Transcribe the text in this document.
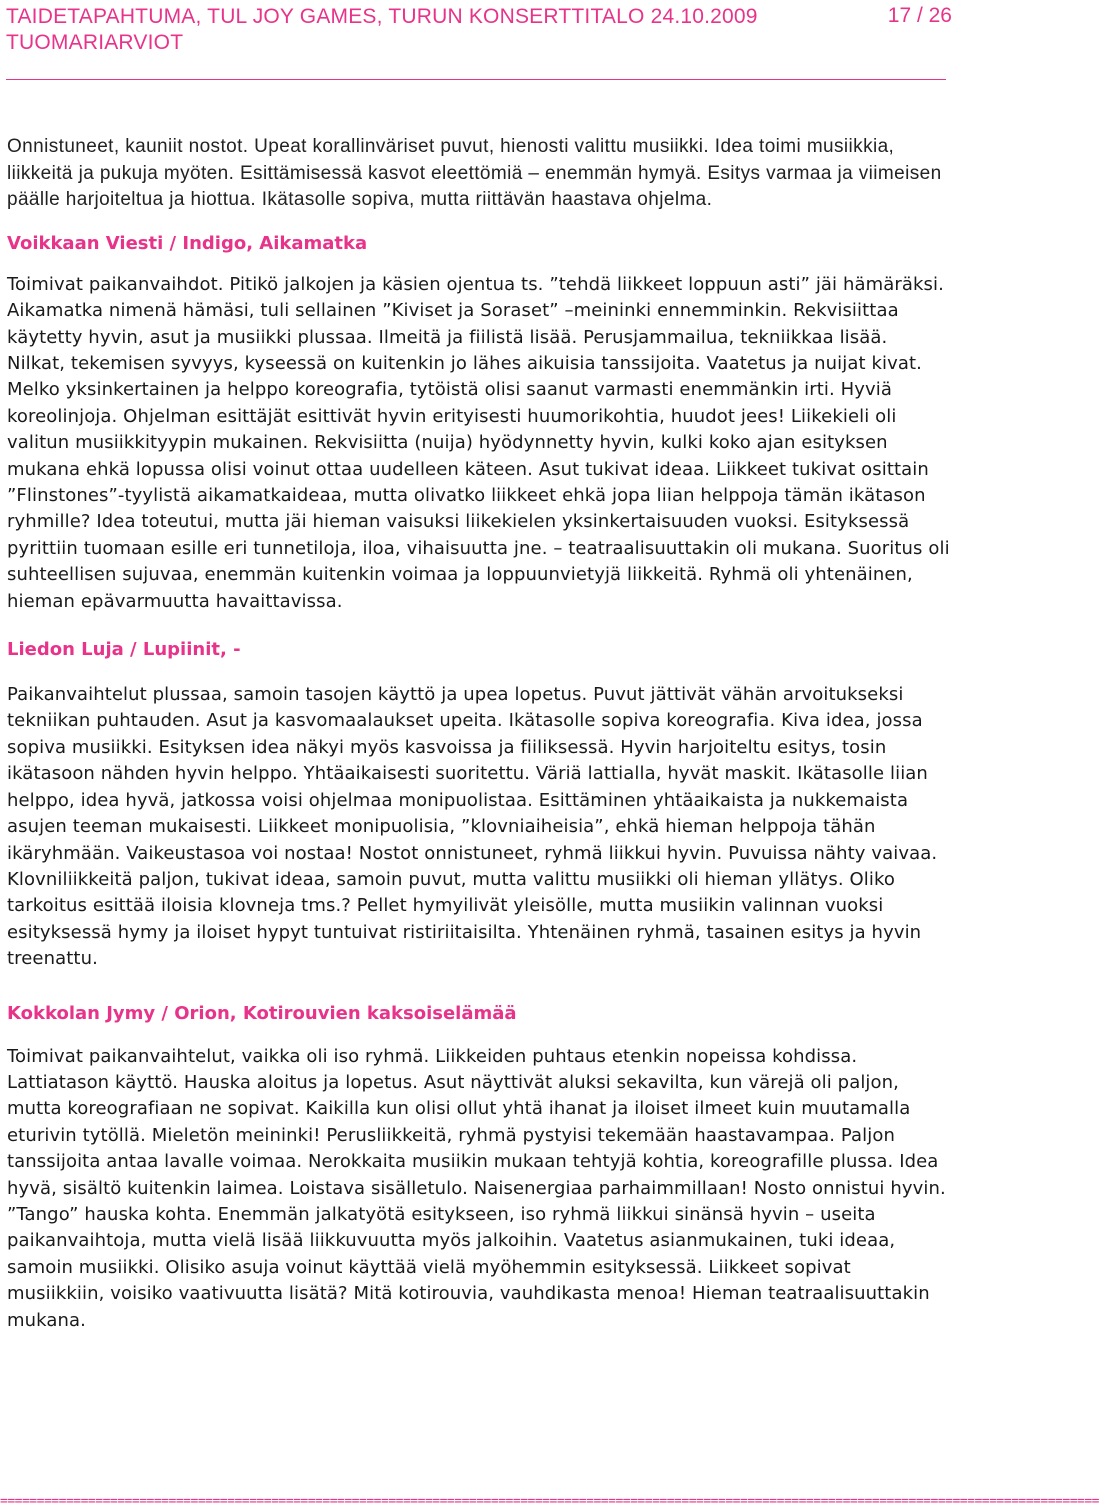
TAIDETAPAHTUMA, TUL JOY GAMES, TURUN KONSERTTITALO 24.10.2009
TUOMARIARVIOT
17 / 26

Onnistuneet, kauniit nostot. Upeat korallinväriset puvut, hienosti valittu musiikki. Idea toimi musiikkia, liikkeitä ja pukuja myöten. Esittämisessä kasvot eleettömiä – enemmän hymyä. Esitys varmaa ja viimeisen päälle harjoiteltua ja hiottua. Ikätasolle sopiva, mutta riittävän haastava ohjelma.

Voikkaan Viesti / Indigo, Aikamatka

Toimivat paikanvaihdot. Pitikö jalkojen ja käsien ojentua ts. ”tehdä liikkeet loppuun asti” jäi hämäräksi. Aikamatka nimenä hämäsi, tuli sellainen ”Kiviset ja Soraset” –meininki ennemminkin. Rekvisiittaa käytetty hyvin, asut ja musiikki plussaa. Ilmeitä ja fiilistä lisää. Perusjammailua, tekniikkaa lisää. Nilkat, tekemisen syvyys, kyseessä on kuitenkin jo lähes aikuisia tanssijoita. Vaatetus ja nuijat kivat. Melko yksinkertainen ja helppo koreografia, tytöistä olisi saanut varmasti enemmänkin irti. Hyviä koreolinjoja. Ohjelman esittäjät esittivät hyvin erityisesti huumorikohtia, huudot jees! Liikekieli oli valitun musiikkityypin mukainen. Rekvisiitta (nuija) hyödynnetty hyvin, kulki koko ajan esityksen mukana ehkä lopussa olisi voinut ottaa uudelleen käteen. Asut tukivat ideaa. Liikkeet tukivat osittain ”Flinstones”-tyylistä aikamatkaideaa, mutta olivatko liikkeet ehkä jopa liian helppoja tämän ikätason ryhmille? Idea toteutui, mutta jäi hieman vaisuksi liikekielen yksinkertaisuuden vuoksi. Esityksessä pyrittiin tuomaan esille eri tunnetiloja, iloa, vihaisuutta jne. – teatraalisuuttakin oli mukana. Suoritus oli suhteellisen sujuvaa, enemmän kuitenkin voimaa ja loppuunvietyjä liikkeitä. Ryhmä oli yhtenäinen, hieman epävarmuutta havaittavissa.

Liedon Luja / Lupiinit, -

Paikanvaihtelut plussaa, samoin tasojen käyttö ja upea lopetus. Puvut jättivät vähän arvoitukseksi tekniikan puhtauden. Asut ja kasvomaalaukset upeita. Ikätasolle sopiva koreografia. Kiva idea, jossa sopiva musiikki. Esityksen idea näkyi myös kasvoissa ja fiiliksessä. Hyvin harjoiteltu esitys, tosin ikätasoon nähden hyvin helppo. Yhtäaikaisesti suoritettu. Väriä lattialla, hyvät maskit. Ikätasolle liian helppo, idea hyvä, jatkossa voisi ohjelmaa monipuolistaa. Esittäminen yhtäaikaista ja nukkemaista asujen teeman mukaisesti. Liikkeet monipuolisia, ”klovniaiheisia”, ehkä hieman helppoja tähän ikäryhmään. Vaikeustasoa voi nostaa! Nostot onnistuneet, ryhmä liikkui hyvin. Puvuissa nähty vaivaa. Klovniliikkeitä paljon, tukivat ideaa, samoin puvut, mutta valittu musiikki oli hieman yllätys. Oliko tarkoitus esittää iloisia klovneja tms.? Pellet hymyilivät yleisölle, mutta musiikin valinnan vuoksi esityksessä hymy ja iloiset hypyt tuntuivat ristiriitaisilta. Yhtenäinen ryhmä, tasainen esitys ja hyvin treenattu.

Kokkolan Jymy / Orion, Kotirouvien kaksoiselämää

Toimivat paikanvaihtelut, vaikka oli iso ryhmä. Liikkeiden puhtaus etenkin nopeissa kohdissa. Lattiatason käyttö. Hauska aloitus ja lopetus. Asut näyttivät aluksi sekavilta, kun värejä oli paljon, mutta koreografiaan ne sopivat. Kaikilla kun olisi ollut yhtä ihanat ja iloiset ilmeet kuin muutamalla eturivin tytöllä. Mieletön meininki! Perusliikkeitä, ryhmä pystyisi tekemään haastavampaa. Paljon tanssijoita antaa lavalle voimaa. Nerokkaita musiikin mukaan tehtyjä kohtia, koreografille plussa. Idea hyvä, sisältö kuitenkin laimea. Loistava sisälletulo. Naisenergiaa parhaimmillaan! Nosto onnistui hyvin. ”Tango” hauska kohta. Enemmän jalkatyötä esitykseen, iso ryhmä liikkui sinänsä hyvin – useita paikanvaihtoja, mutta vielä lisää liikkuvuutta myös jalkoihin. Vaatetus asianmukainen, tuki ideaa, samoin musiikki. Olisiko asuja voinut käyttää vielä myöhemmin esityksessä. Liikkeet sopivat musiikkiin, voisiko vaativuutta lisätä? Mitä kotirouvia, vauhdikasta menoa! Hieman teatraalisuuttakin mukana.

======================================================================================================================================================
